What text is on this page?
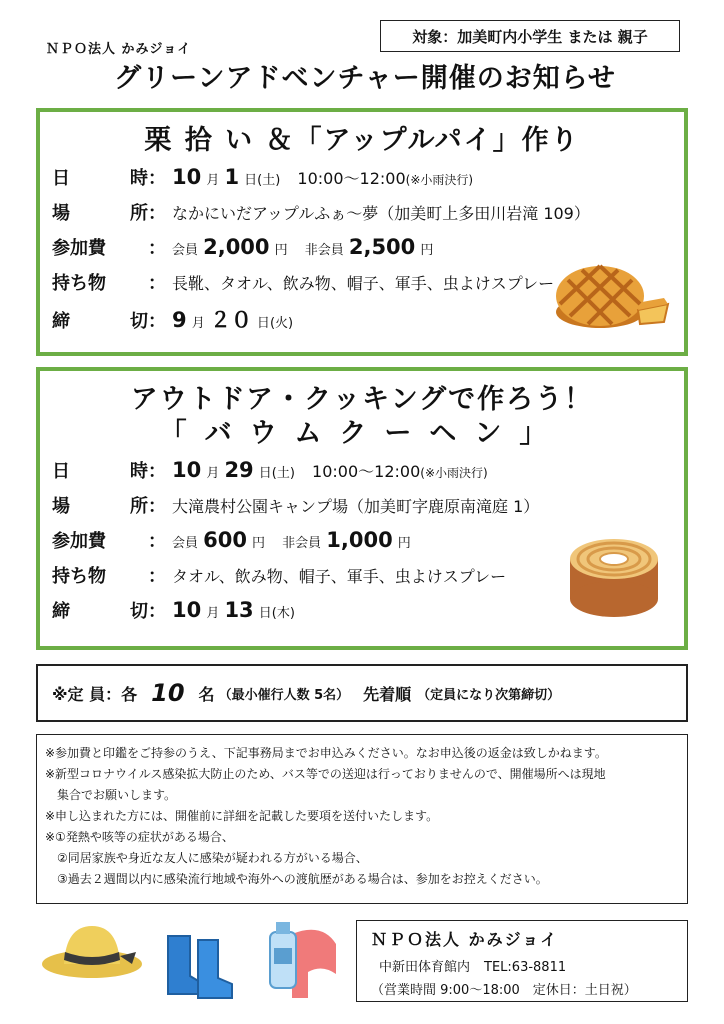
対象：加美町内小学生 または 親子
ＮＰＯ法人 かみジョイ
グリーンアドベンチャー開催のお知らせ
栗 拾 い ＆「アップルパイ」作り
日	時 ： 10 月 1 日(土) 10:00〜12:00(※小雨決行)
場	所 ： なかにいだアップルふぁ〜夢（加美町上多田川岩滝 109）
参加費 ： 会員 2,000 円 非会員 2,500 円
持ち物 ： 長靴、タオル、飲み物、帽子、軍手、虫よけスプレー
締	切 ： 9 月 ２０ 日(火)
アウトドア・クッキングで作ろう！
「バウムクーヘン」
日	時 ： 10 月 29 日(土) 10:00〜12:00(※小雨決行)
場	所 ： 大滝農村公園キャンプ場（加美町字鹿原南滝庭 1）
参加費 ： 会員 600 円 非会員 1,000 円
持ち物 ： タオル、飲み物、帽子、軍手、虫よけスプレー
締	切 ： 10 月 13 日(木)
※定 員：各 10 名 （最小催行人数 5名） 先着順 （定員になり次第締切）
※参加費と印鑑をご持参のうえ、下記事務局までお申込みください。なお申込後の返金は致しかねます。
※新型コロナウイルス感染拡大防止のため、バス等での送迎は行っておりませんので、開催場所へは現地
集合でお願いします。
※申し込まれた方には、開催前に詳細を記載した要項を送付いたします。
※①発熱や咳等の症状がある場合、
②同居家族や身近な友人に感染が疑われる方がいる場合、
③過去２週間以内に感染流行地域や海外への渡航歴がある場合は、参加をお控えください。
ＮＰＯ法人 かみジョイ
中新田体育館内 TEL:63-8811
（営業時間 9:00〜18:00　定休日：土日祝）
